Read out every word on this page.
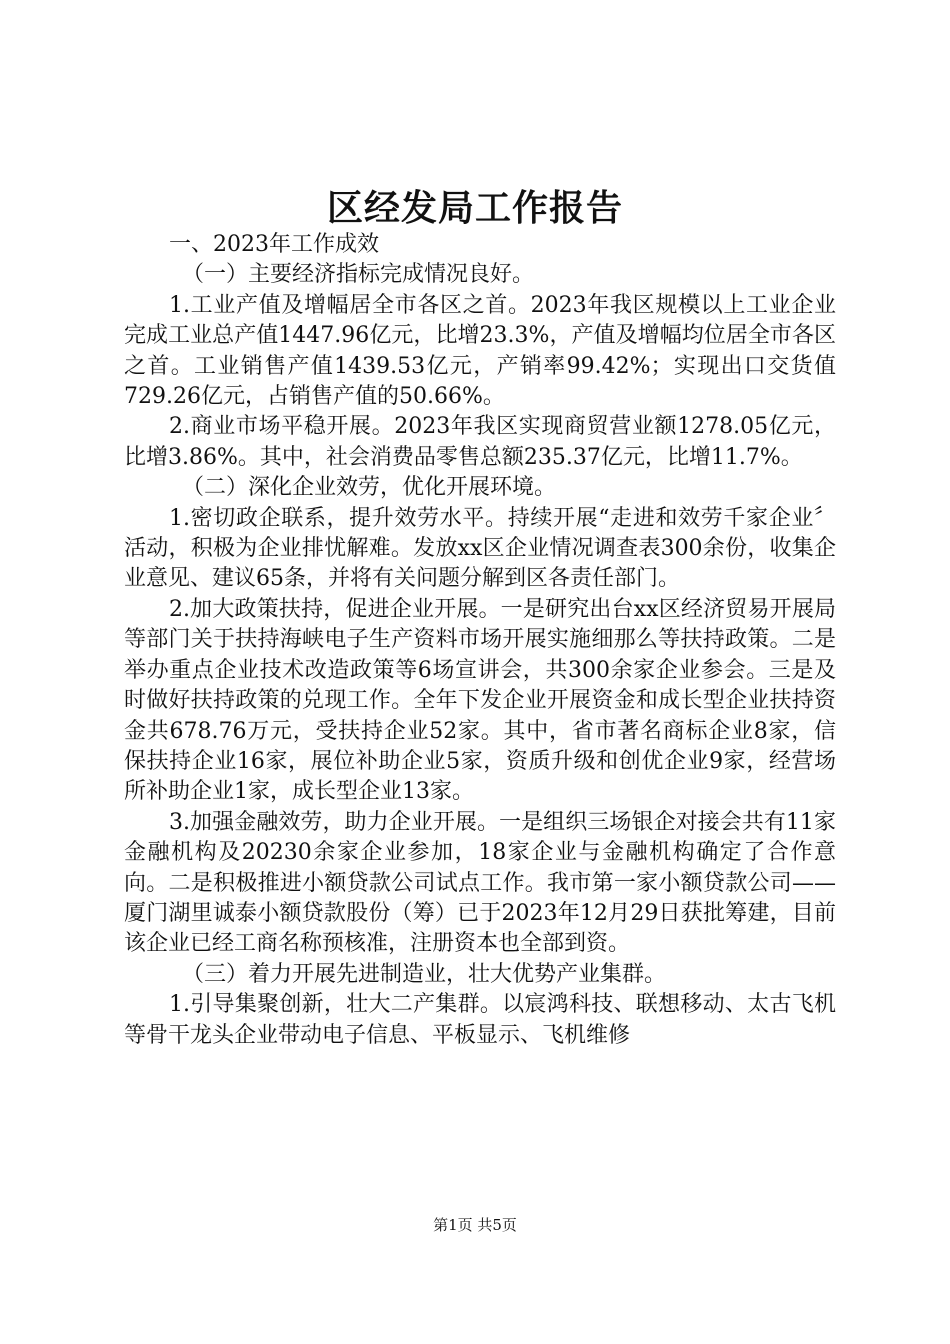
区经发局工作报告

一、2023年工作成效

（一）主要经济指标完成情况良好。

1.工业产值及增幅居全市各区之首。2023年我区规模以上工业企业完成工业总产值1447.96亿元，比增23.3%，产值及增幅均位居全市各区之首。工业销售产值1439.53亿元，产销率99.42%；实现出口交货值729.26亿元，占销售产值的50.66%。

2.商业市场平稳开展。2023年我区实现商贸营业额1278.05亿元，比增3.86%。其中，社会消费品零售总额235.37亿元，比增11.7%。

（二）深化企业效劳，优化开展环境。

1.密切政企联系，提升效劳水平。持续开展“走进和效劳千家企业〞活动，积极为企业排忧解难。发放xx区企业情况调查表300余份，收集企业意见、建议65条，并将有关问题分解到区各责任部门。

2.加大政策扶持，促进企业开展。一是研究出台xx区经济贸易开展局等部门关于扶持海峡电子生产资料市场开展实施细那么等扶持政策。二是举办重点企业技术改造政策等6场宣讲会，共300余家企业参会。三是及时做好扶持政策的兑现工作。全年下发企业开展资金和成长型企业扶持资金共678.76万元，受扶持企业52家。其中，省市著名商标企业8家，信保扶持企业16家，展位补助企业5家，资质升级和创优企业9家，经营场所补助企业1家，成长型企业13家。

3.加强金融效劳，助力企业开展。一是组织三场银企对接会共有11家金融机构及20230余家企业参加，18家企业与金融机构确定了合作意向。二是积极推进小额贷款公司试点工作。我市第一家小额贷款公司——厦门湖里诚泰小额贷款股份（筹）已于2023年12月29日获批筹建，目前该企业已经工商名称预核准，注册资本也全部到资。

（三）着力开展先进制造业，壮大优势产业集群。

1.引导集聚创新，壮大二产集群。以宸鸿科技、联想移动、太古飞机等骨干龙头企业带动电子信息、平板显示、飞机维修

第1页 共5页
